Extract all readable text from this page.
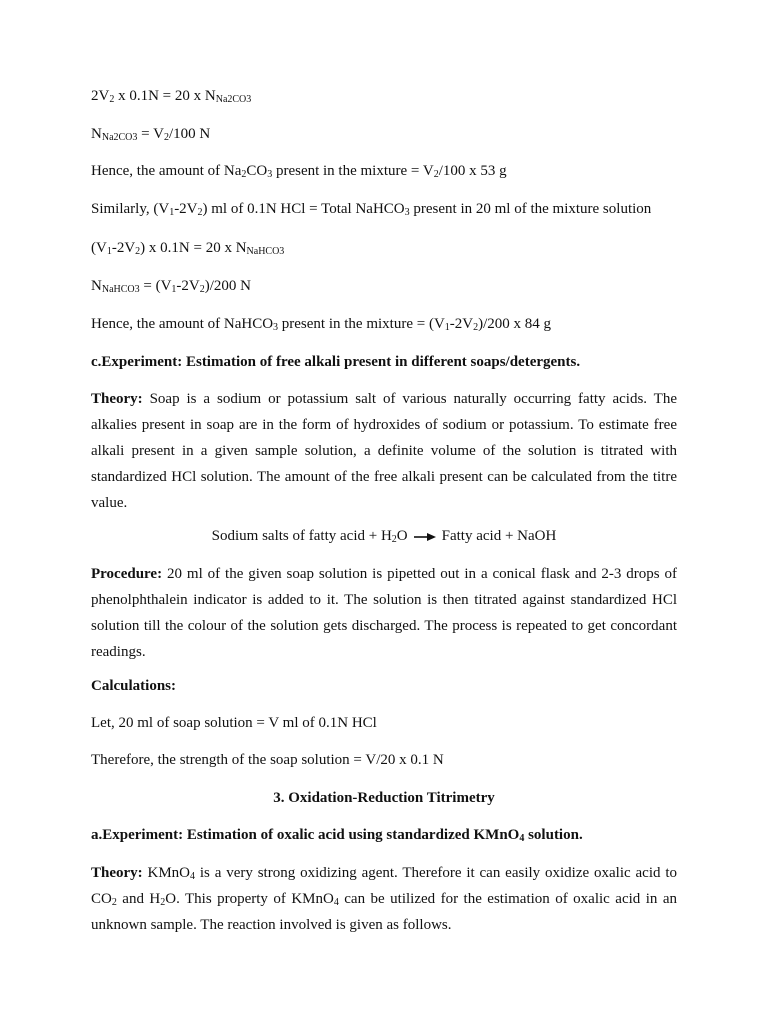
$2V_2$ x 0.1N = 20 x $N_{Na2CO3}$
$N_{Na2CO3} = V_2/100$ N
Hence, the amount of $Na_2CO_3$ present in the mixture = $V_2/100$ x 53 g
Similarly, $(V_1-2V_2)$ ml of 0.1N HCl = Total NaHCO$_3$ present in 20 ml of the mixture solution
$(V_1-2V_2)$ x 0.1N = 20 x $N_{NaHCO3}$
$N_{NaHCO3} = (V_1-2V_2)/200$ N
Hence, the amount of NaHCO$_3$ present in the mixture = $(V_1-2V_2)/200$ x 84 g
c.Experiment: Estimation of free alkali present in different soaps/detergents.
Theory: Soap is a sodium or potassium salt of various naturally occurring fatty acids. The alkalies present in soap are in the form of hydroxides of sodium or potassium. To estimate free alkali present in a given sample solution, a definite volume of the solution is titrated with standardized HCl solution. The amount of the free alkali present can be calculated from the titre value.
Sodium salts of fatty acid + $H_2O$ → Fatty acid + NaOH
Procedure: 20 ml of the given soap solution is pipetted out in a conical flask and 2-3 drops of phenolphthalein indicator is added to it. The solution is then titrated against standardized HCl solution till the colour of the solution gets discharged. The process is repeated to get concordant readings.
Calculations:
Let, 20 ml of soap solution = V ml of 0.1N HCl
Therefore, the strength of the soap solution = V/20 x 0.1 N
3. Oxidation-Reduction Titrimetry
a.Experiment: Estimation of oxalic acid using standardized KMnO$_4$ solution.
Theory: KMnO$_4$ is a very strong oxidizing agent. Therefore it can easily oxidize oxalic acid to $CO_2$ and $H_2O$. This property of KMnO$_4$ can be utilized for the estimation of oxalic acid in an unknown sample. The reaction involved is given as follows.
